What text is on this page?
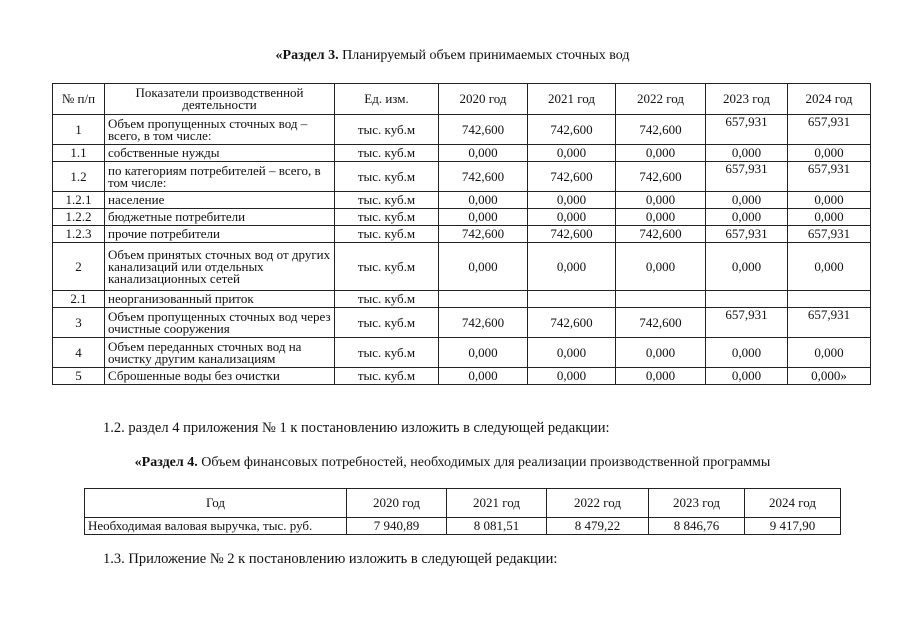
«Раздел 3. Планируемый объем принимаемых сточных вод
№ п/п	Показатели производственной деятельности	Ед. изм.	2020 год	2021 год	2022 год	2023 год	2024 год
1	Объем пропущенных сточных вод – всего, в том числе:	тыс. куб.м	742,600	742,600	742,600	657,931	657,931
1.1	собственные нужды	тыс. куб.м	0,000	0,000	0,000	0,000	0,000
1.2	по категориям потребителей – всего, в том числе:	тыс. куб.м	742,600	742,600	742,600	657,931	657,931
1.2.1	население	тыс. куб.м	0,000	0,000	0,000	0,000	0,000
1.2.2	бюджетные потребители	тыс. куб.м	0,000	0,000	0,000	0,000	0,000
1.2.3	прочие потребители	тыс. куб.м	742,600	742,600	742,600	657,931	657,931
2	Объем принятых сточных вод от других канализаций или отдельных канализационных сетей	тыс. куб.м	0,000	0,000	0,000	0,000	0,000
2.1	неорганизованный приток	тыс. куб.м					
3	Объем пропущенных сточных вод через очистные сооружения	тыс. куб.м	742,600	742,600	742,600	657,931	657,931
4	Объем переданных сточных вод на очистку другим канализациям	тыс. куб.м	0,000	0,000	0,000	0,000	0,000
5	Сброшенные воды без очистки	тыс. куб.м	0,000	0,000	0,000	0,000	0,000»
1.2. раздел 4 приложения № 1 к постановлению изложить в следующей редакции:
«Раздел 4. Объем финансовых потребностей, необходимых для реализации производственной программы
Год	2020 год	2021 год	2022 год	2023 год	2024 год
Необходимая валовая выручка, тыс. руб.	7 940,89	8 081,51	8 479,22	8 846,76	9 417,90
1.3. Приложение № 2 к постановлению изложить в следующей редакции:
